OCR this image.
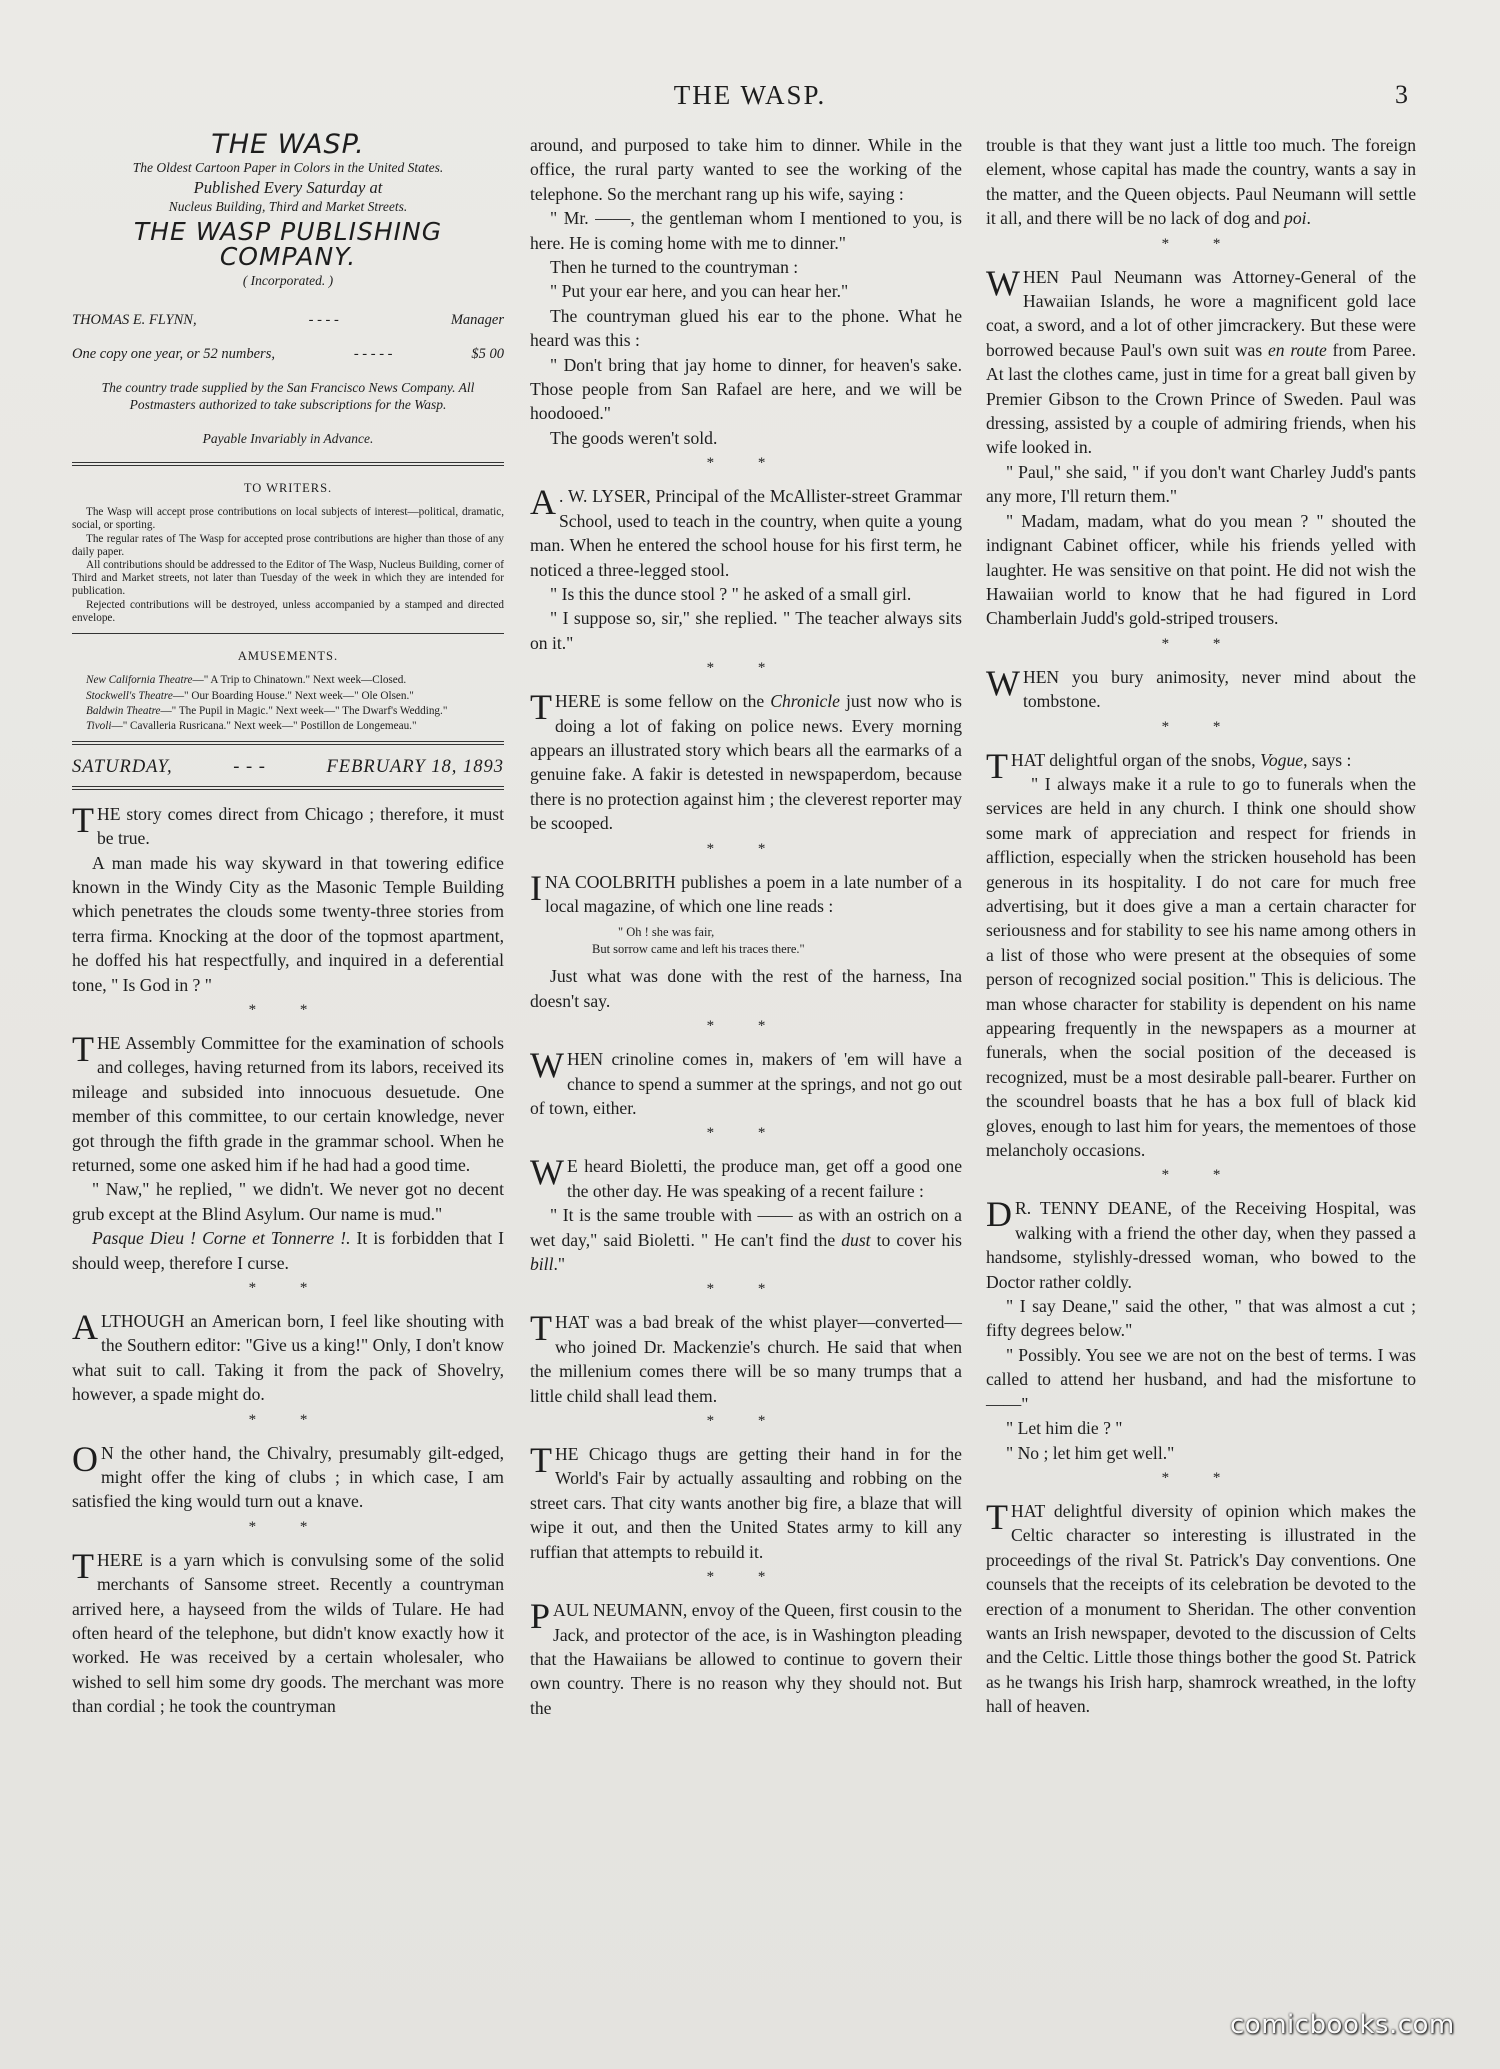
THE WASP.	3
THE WASP.
The Oldest Cartoon Paper in Colors in the United States.
Published Every Saturday at
Nucleus Building, Third and Market Streets.
THE WASP PUBLISHING COMPANY.
( Incorporated. )
THOMAS E. FLYNN,	- - - -	Manager
One copy one year, or 52 numbers,	- - - - -	$5 00
The country trade supplied by the San Francisco News Company. All Postmasters authorized to take subscriptions for the Wasp.
Payable Invariably in Advance.
TO WRITERS.

The Wasp will accept prose contributions on local subjects of interest—political, dramatic, social, or sporting.

The regular rates of The Wasp for accepted prose contributions are higher than those of any daily paper.

All contributions should be addressed to the Editor of The Wasp, Nucleus Building, corner of Third and Market streets, not later than Tuesday of the week in which they are intended for publication.

Rejected contributions will be destroyed, unless accompanied by a stamped and directed envelope.

AMUSEMENTS.

New California Theatre—" A Trip to Chinatown." Next week—Closed.

Stockwell's Theatre—" Our Boarding House." Next week—" Ole Olsen."

Baldwin Theatre—" The Pupil in Magic." Next week—" The Dwarf's Wedding."

Tivoli—" Cavalleria Rusricana." Next week—" Postillon de Longemeau."

SATURDAY,	- - -	FEBRUARY 18, 1893

THE story comes direct from Chicago ; therefore, it must be true.

A man made his way skyward in that towering edifice known in the Windy City as the Masonic Temple Building which penetrates the clouds some twenty-three stories from terra firma. Knocking at the door of the topmost apartment, he doffed his hat respectfully, and inquired in a deferential tone, " Is God in ? "

* *

THE Assembly Committee for the examination of schools and colleges, having returned from its labors, received its mileage and subsided into innocuous desuetude. One member of this committee, to our certain knowledge, never got through the fifth grade in the grammar school. When he returned, some one asked him if he had had a good time.

" Naw," he replied, " we didn't. We never got no decent grub except at the Blind Asylum. Our name is mud."

Pasque Dieu ! Corne et Tonnerre !. It is forbidden that I should weep, therefore I curse.

* *

ALTHOUGH an American born, I feel like shouting with the Southern editor: "Give us a king!" Only, I don't know what suit to call. Taking it from the pack of Shovelry, however, a spade might do.

* *

O N the other hand, the Chivalry, presumably gilt-edged, might offer the king of clubs ; in which case, I am satisfied the king would turn out a knave.

* *

THERE is a yarn which is convulsing some of the solid merchants of Sansome street. Recently a countryman arrived here, a hayseed from the wilds of Tulare. He had often heard of the telephone, but didn't know exactly how it worked. He was received by a certain wholesaler, who wished to sell him some dry goods. The merchant was more than cordial ; he took the countryman

around, and purposed to take him to dinner. While in the office, the rural party wanted to see the working of the telephone. So the merchant rang up his wife, saying :

" Mr. ——, the gentleman whom I mentioned to you, is here. He is coming home with me to dinner."

Then he turned to the countryman :

" Put your ear here, and you can hear her."

The countryman glued his ear to the phone. What he heard was this :

" Don't bring that jay home to dinner, for heaven's sake. Those people from San Rafael are here, and we will be hoodooed."

The goods weren't sold.

* *

A . W. LYSER, Principal of the McAllister-street Grammar School, used to teach in the country, when quite a young man. When he entered the school house for his first term, he noticed a three-legged stool.

" Is this the dunce stool ? " he asked of a small girl.

" I suppose so, sir," she replied. " The teacher always sits on it."

* *

THERE is some fellow on the Chronicle just now who is doing a lot of faking on police news. Every morning appears an illustrated story which bears all the earmarks of a genuine fake. A fakir is detested in newspaperdom, because there is no protection against him ; the cleverest reporter may be scooped.

* *

INA COOLBRITH publishes a poem in a late number of a local magazine, of which one line reads :

" Oh ! she was fair,
But sorrow came and left his traces there."

Just what was done with the rest of the harness, Ina doesn't say.

* *

WHEN crinoline comes in, makers of 'em will have a chance to spend a summer at the springs, and not go out of town, either.

* *

W E heard Bioletti, the produce man, get off a good one the other day. He was speaking of a recent failure :

" It is the same trouble with —— as with an ostrich on a wet day," said Bioletti. " He can't find the dust to cover his bill."

* *

THAT was a bad break of the whist player—converted—who joined Dr. Mackenzie's church. He said that when the millenium comes there will be so many trumps that a little child shall lead them.

* *

THE Chicago thugs are getting their hand in for the World's Fair by actually assaulting and robbing on the street cars. That city wants another big fire, a blaze that will wipe it out, and then the United States army to kill any ruffian that attempts to rebuild it.

* *

PAUL NEUMANN, envoy of the Queen, first cousin to the Jack, and protector of the ace, is in Washington pleading that the Hawaiians be allowed to continue to govern their own country. There is no reason why they should not. But the

trouble is that they want just a little too much. The foreign element, whose capital has made the country, wants a say in the matter, and the Queen objects. Paul Neumann will settle it all, and there will be no lack of dog and poi.

* *

WHEN Paul Neumann was Attorney-General of the Hawaiian Islands, he wore a magnificent gold lace coat, a sword, and a lot of other jimcrackery. But these were borrowed because Paul's own suit was en route from Paree. At last the clothes came, just in time for a great ball given by Premier Gibson to the Crown Prince of Sweden. Paul was dressing, assisted by a couple of admiring friends, when his wife looked in.

" Paul," she said, " if you don't want Charley Judd's pants any more, I'll return them."

" Madam, madam, what do you mean ? " shouted the indignant Cabinet officer, while his friends yelled with laughter. He was sensitive on that point. He did not wish the Hawaiian world to know that he had figured in Lord Chamberlain Judd's gold-striped trousers.

* *

WHEN you bury animosity, never mind about the tombstone.

* *

THAT delightful organ of the snobs, Vogue, says :

" I always make it a rule to go to funerals when the services are held in any church. I think one should show some mark of appreciation and respect for friends in affliction, especially when the stricken household has been generous in its hospitality. I do not care for much free advertising, but it does give a man a certain character for seriousness and for stability to see his name among others in a list of those who were present at the obsequies of some person of recognized social position." This is delicious. The man whose character for stability is dependent on his name appearing frequently in the newspapers as a mourner at funerals, when the social position of the deceased is recognized, must be a most desirable pall-bearer. Further on the scoundrel boasts that he has a box full of black kid gloves, enough to last him for years, the mementoes of those melancholy occasions.

* *

D R. TENNY DEANE, of the Receiving Hospital, was walking with a friend the other day, when they passed a handsome, stylishly-dressed woman, who bowed to the Doctor rather coldly.

" I say Deane," said the other, " that was almost a cut ; fifty degrees below."

" Possibly. You see we are not on the best of terms. I was called to attend her husband, and had the misfortune to ——"

" Let him die ? "

" No ; let him get well."

* *

THAT delightful diversity of opinion which makes the Celtic character so interesting is illustrated in the proceedings of the rival St. Patrick's Day conventions. One counsels that the receipts of its celebration be devoted to the erection of a monument to Sheridan. The other convention wants an Irish newspaper, devoted to the discussion of Celts and the Celtic. Little those things bother the good St. Patrick as he twangs his Irish harp, shamrock wreathed, in the lofty hall of heaven.

comicbooks.com
